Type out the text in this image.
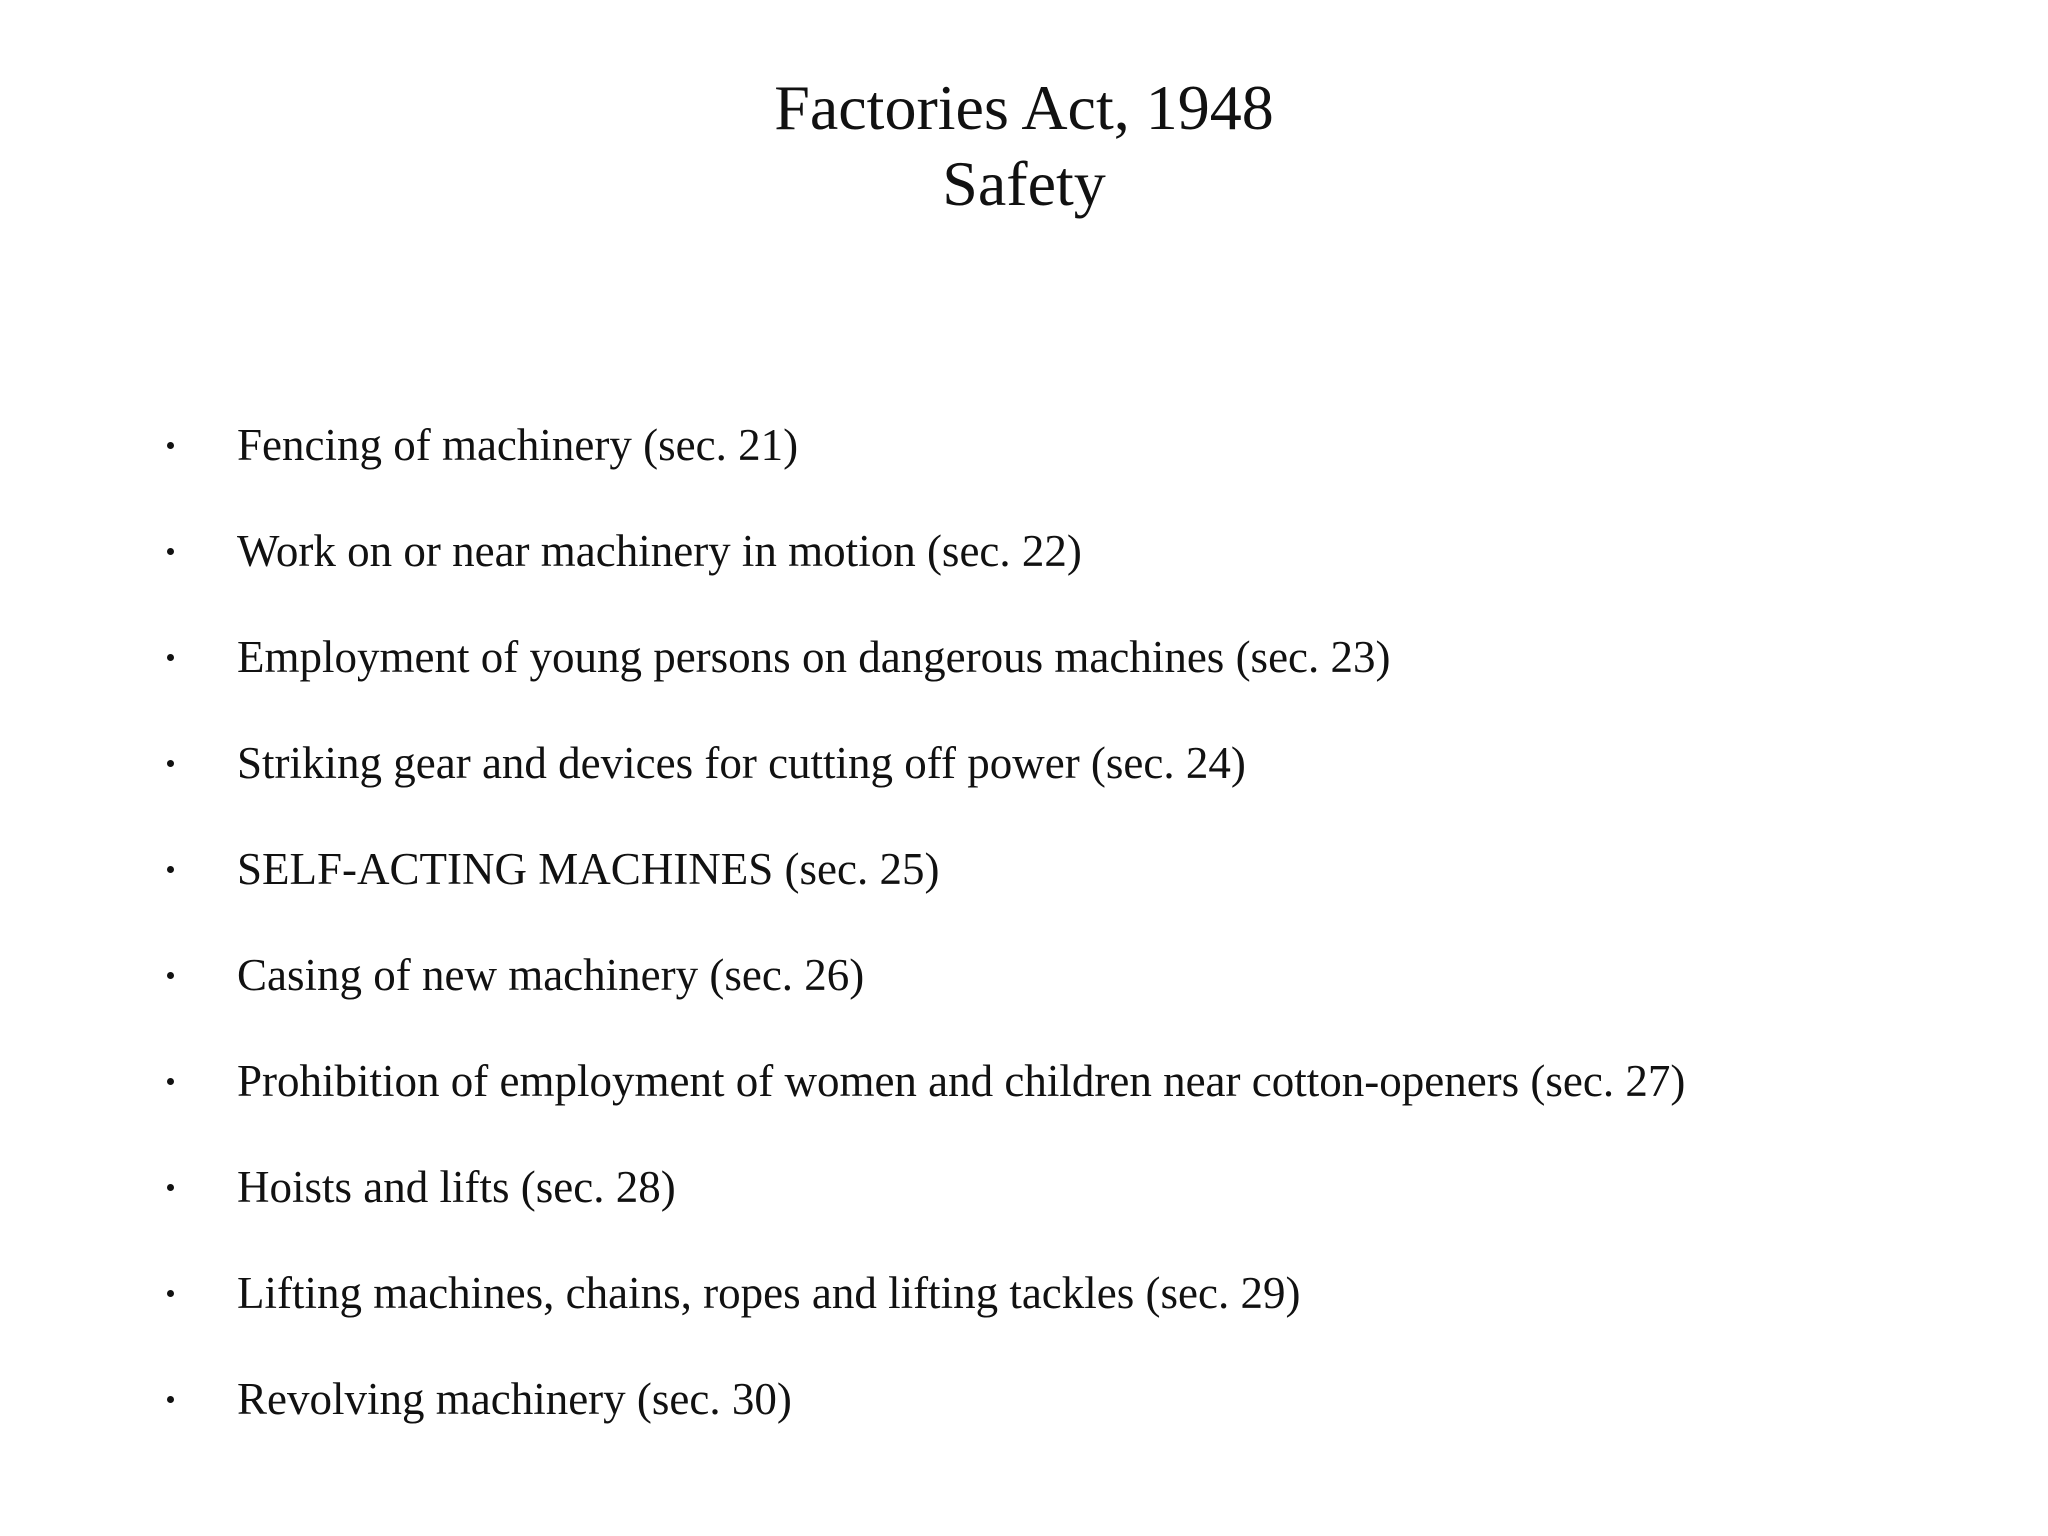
Factories Act, 1948
Safety
Fencing of machinery (sec. 21)
Work on or near machinery in motion (sec. 22)
Employment of young persons on dangerous machines (sec. 23)
Striking gear and devices for cutting off power (sec. 24)
SELF-ACTING MACHINES (sec. 25)
Casing of new machinery (sec. 26)
Prohibition of employment of women and children near cotton-openers (sec. 27)
Hoists and lifts (sec. 28)
Lifting machines, chains, ropes and lifting tackles (sec. 29)
Revolving machinery (sec. 30)
